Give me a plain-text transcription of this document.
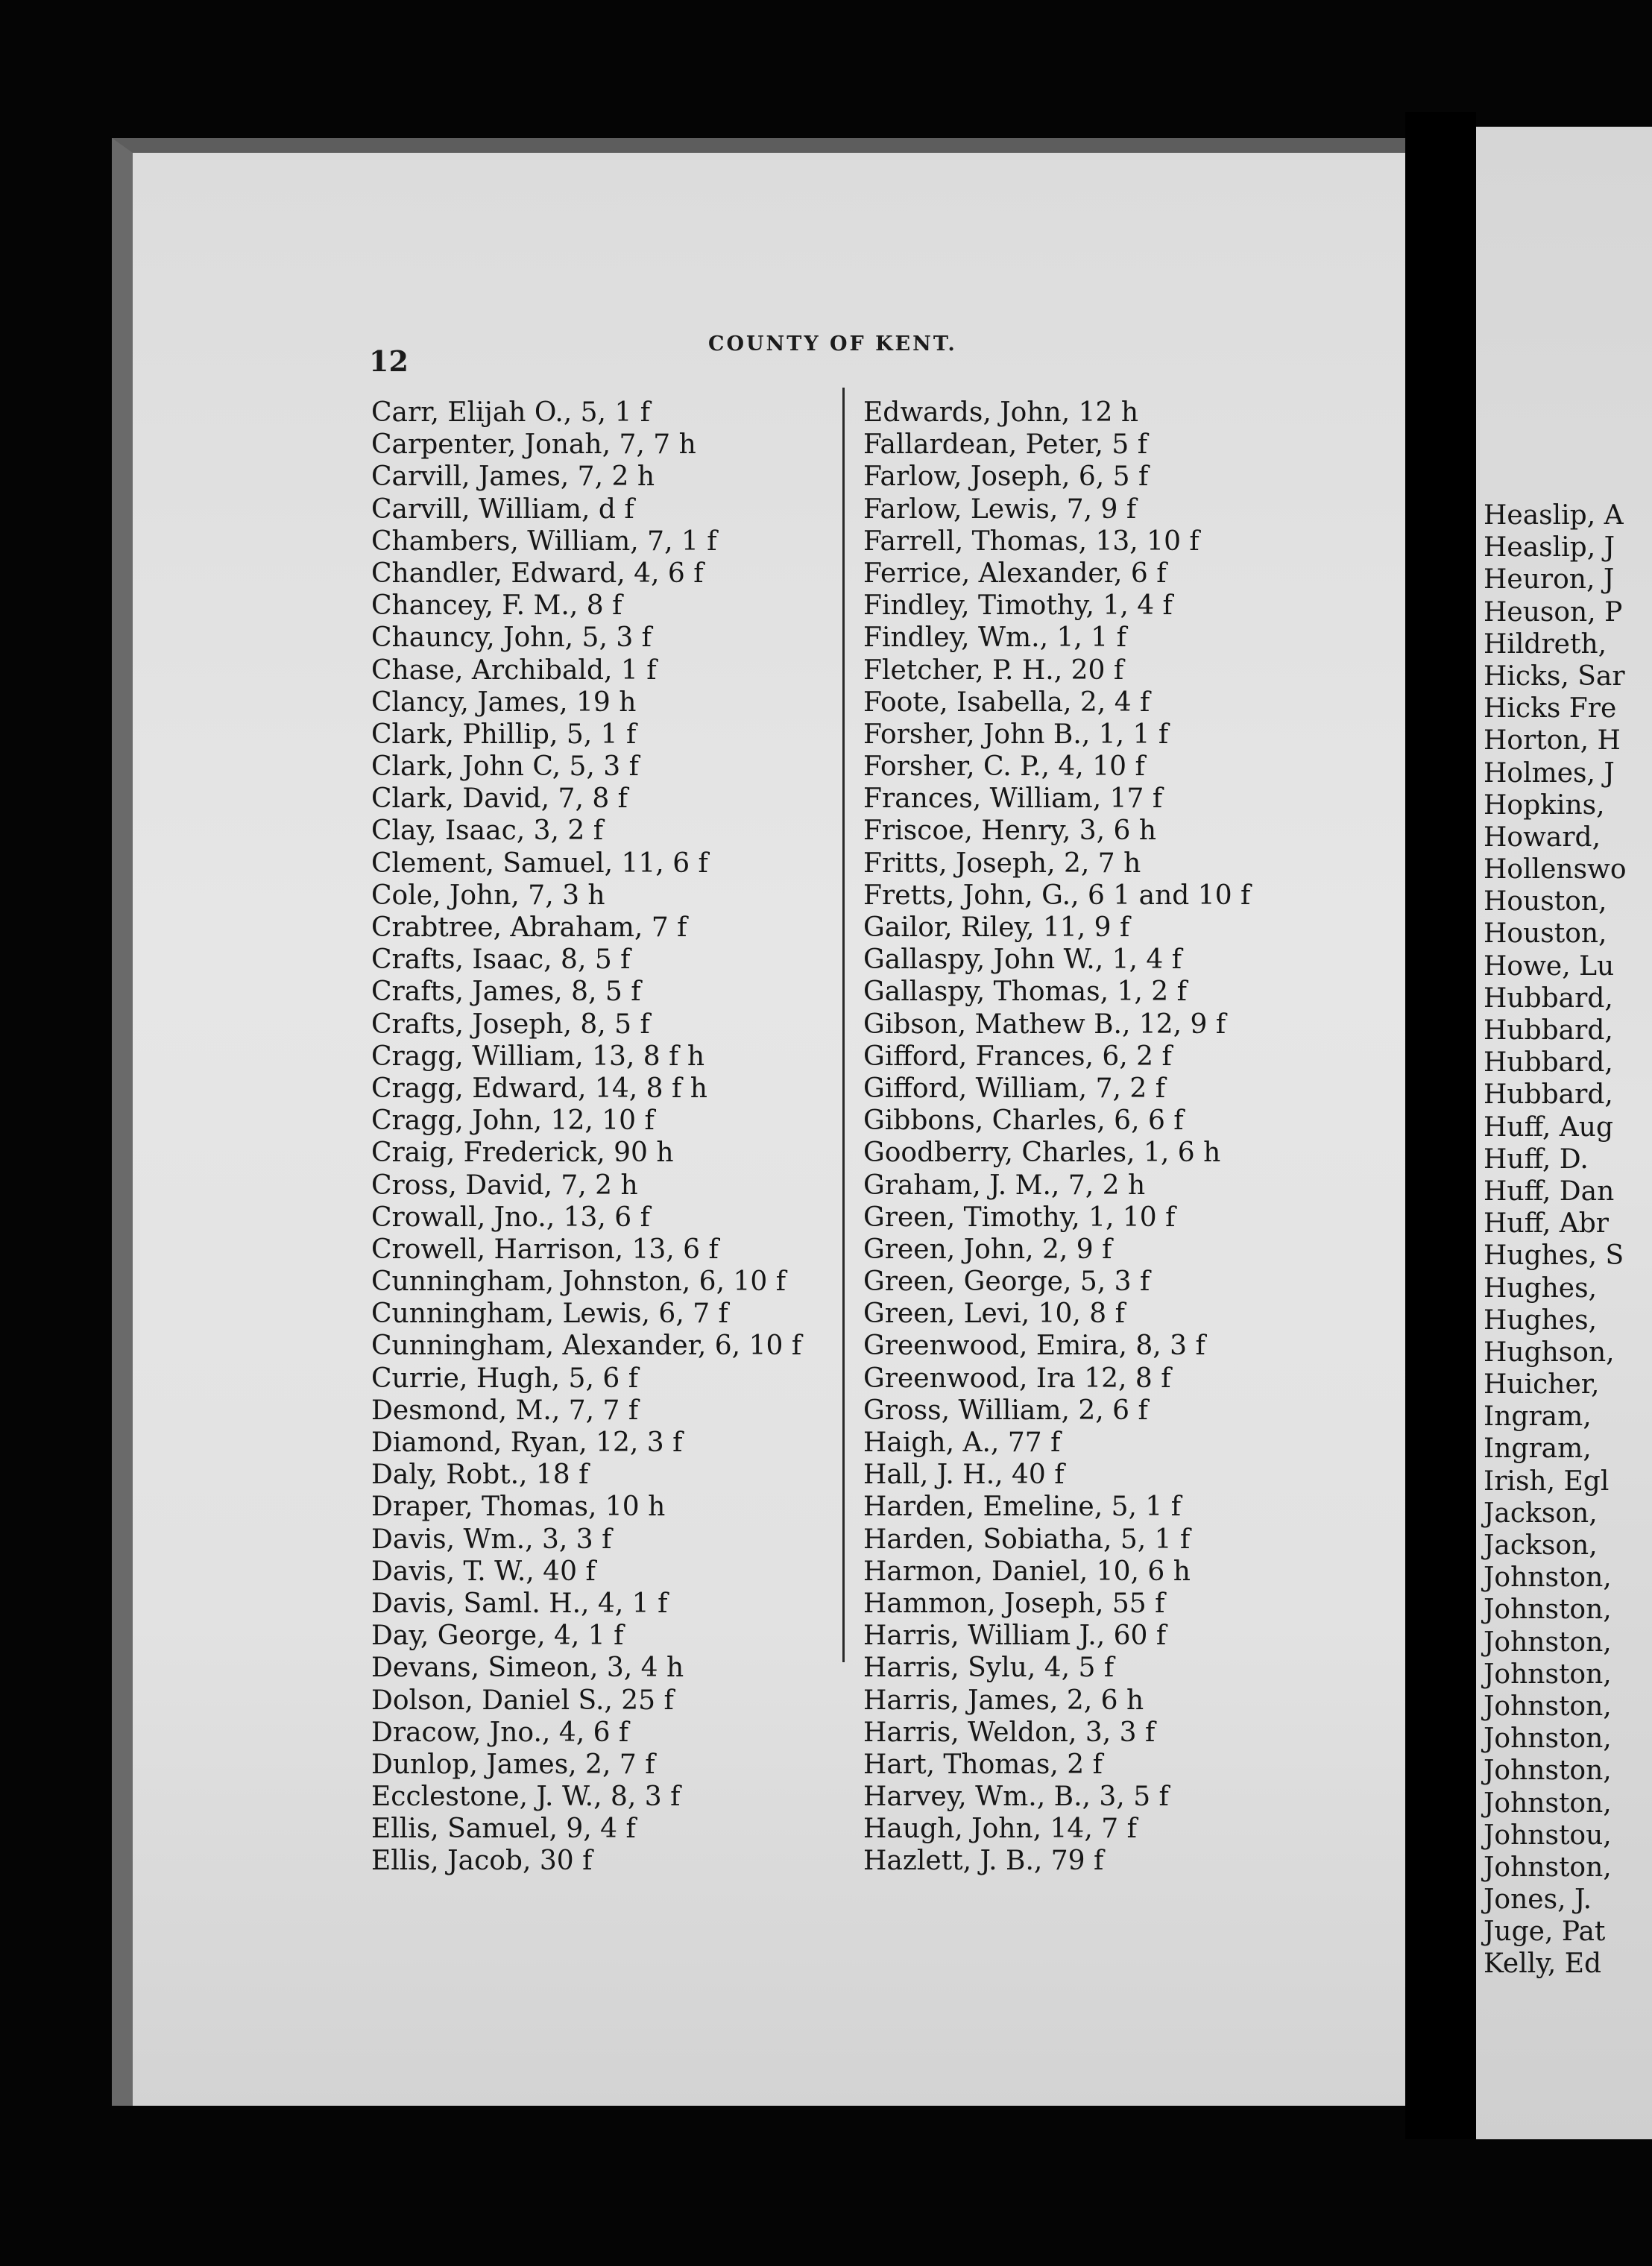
Heaslip, A
Heaslip, J
Heuron, J
Heuson, P
Hildreth,
Hicks, Sar
Hicks Fre
Horton, H
Holmes, J
Hopkins,
Howard,
Hollenswo
Houston,
Houston,
Howe, Lu
Hubbard,
Hubbard,
Hubbard,
Hubbard,
Huff, Aug
Huff, D.
Huff, Dan
Huff, Abr
Hughes, S
Hughes,
Hughes,
Hughson,
Huicher,
Ingram,
Ingram,
Irish, Egl
Jackson,
Jackson,
Johnston,
Johnston,
Johnston,
Johnston,
Johnston,
Johnston,
Johnston,
Johnston,
Johnstou,
Johnston,
Jones, J.
Juge, Pat
Kelly, Ed
12
COUNTY OF KENT.
Carr, Elijah O., 5, 1 f
Carpenter, Jonah, 7, 7 h
Carvill, James, 7, 2 h
Carvill, William, d f
Chambers, William, 7, 1 f
Chandler, Edward, 4, 6 f
Chancey, F. M., 8 f
Chauncy, John, 5, 3 f
Chase, Archibald, 1 f
Clancy, James, 19 h
Clark, Phillip, 5, 1 f
Clark, John C, 5, 3 f
Clark, David, 7, 8 f
Clay, Isaac, 3, 2 f
Clement, Samuel, 11, 6 f
Cole, John, 7, 3 h
Crabtree, Abraham, 7 f
Crafts, Isaac, 8, 5 f
Crafts, James, 8, 5 f
Crafts, Joseph, 8, 5 f
Cragg, William, 13, 8 f h
Cragg, Edward, 14, 8 f h
Cragg, John, 12, 10 f
Craig, Frederick, 90 h
Cross, David, 7, 2 h
Crowall, Jno., 13, 6 f
Crowell, Harrison, 13, 6 f
Cunningham, Johnston, 6, 10 f
Cunningham, Lewis, 6, 7 f
Cunningham, Alexander, 6, 10 f
Currie, Hugh, 5, 6 f
Desmond, M., 7, 7 f
Diamond, Ryan, 12, 3 f
Daly, Robt., 18 f
Draper, Thomas, 10 h
Davis, Wm., 3, 3 f
Davis, T. W., 40 f
Davis, Saml. H., 4, 1 f
Day, George, 4, 1 f
Devans, Simeon, 3, 4 h
Dolson, Daniel S., 25 f
Dracow, Jno., 4, 6 f
Dunlop, James, 2, 7 f
Ecclestone, J. W., 8, 3 f
Ellis, Samuel, 9, 4 f
Ellis, Jacob, 30 f
Edwards, John, 12 h
Fallardean, Peter, 5 f
Farlow, Joseph, 6, 5 f
Farlow, Lewis, 7, 9 f
Farrell, Thomas, 13, 10 f
Ferrice, Alexander, 6 f
Findley, Timothy, 1, 4 f
Findley, Wm., 1, 1 f
Fletcher, P. H., 20 f
Foote, Isabella, 2, 4 f
Forsher, John B., 1, 1 f
Forsher, C. P., 4, 10 f
Frances, William, 17 f
Friscoe, Henry, 3, 6 h
Fritts, Joseph, 2, 7 h
Fretts, John, G., 6 1 and 10 f
Gailor, Riley, 11, 9 f
Gallaspy, John W., 1, 4 f
Gallaspy, Thomas, 1, 2 f
Gibson, Mathew B., 12, 9 f
Gifford, Frances, 6, 2 f
Gifford, William, 7, 2 f
Gibbons, Charles, 6, 6 f
Goodberry, Charles, 1, 6 h
Graham, J. M., 7, 2 h
Green, Timothy, 1, 10 f
Green, John, 2, 9 f
Green, George, 5, 3 f
Green, Levi, 10, 8 f
Greenwood, Emira, 8, 3 f
Greenwood, Ira 12, 8 f
Gross, William, 2, 6 f
Haigh, A., 77 f
Hall, J. H., 40 f
Harden, Emeline, 5, 1 f
Harden, Sobiatha, 5, 1 f
Harmon, Daniel, 10, 6 h
Hammon, Joseph, 55 f
Harris, William J., 60 f
Harris, Sylu, 4, 5 f
Harris, James, 2, 6 h
Harris, Weldon, 3, 3 f
Hart, Thomas, 2 f
Harvey, Wm., B., 3, 5 f
Haugh, John, 14, 7 f
Hazlett, J. B., 79 f
